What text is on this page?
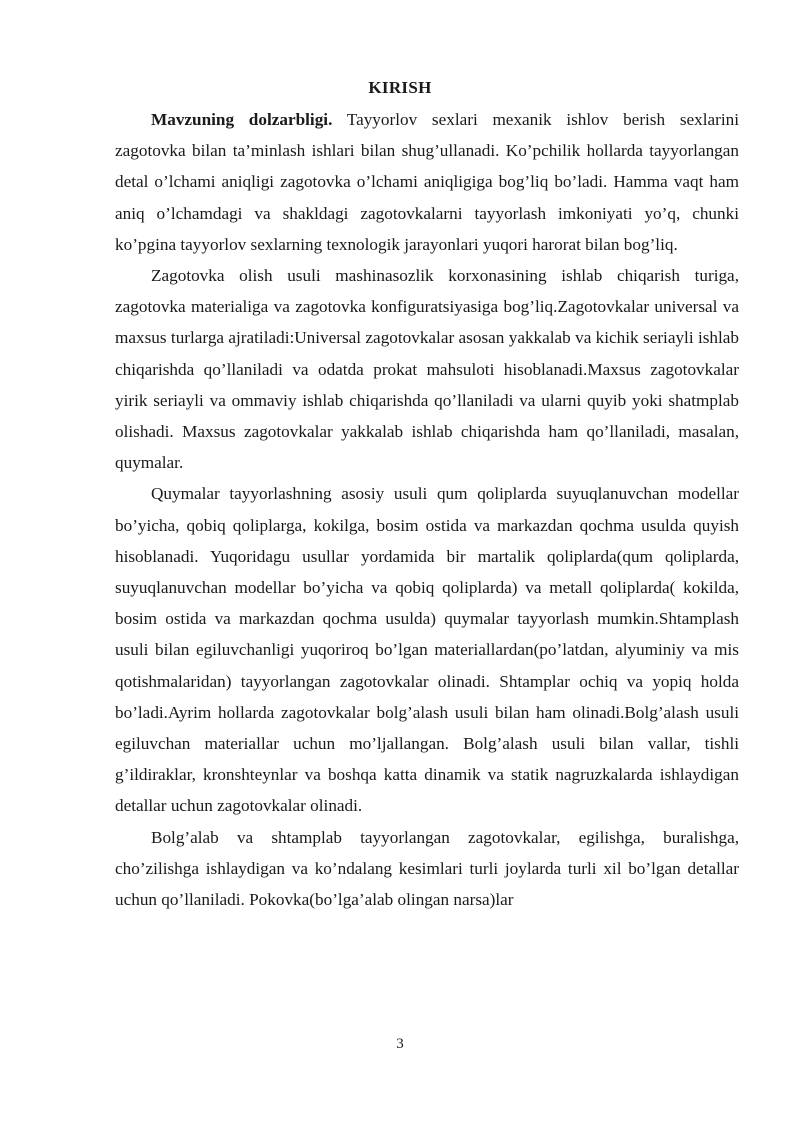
KIRISH

Mavzuning dolzarbligi. Tayyorlov sexlari mexanik ishlov berish sexlarini zagotovka bilan ta’minlash ishlari bilan shug’ullanadi. Ko’pchilik hollarda tayyorlangan detal o’lchami aniqligi zagotovka o’lchami aniqligiga bog’liq bo’ladi. Hamma vaqt ham aniq o’lchamdagi va shakldagi zagotovkalarni tayyorlash imkoniyati yo’q, chunki ko’pgina tayyorlov sexlarning texnologik jarayonlari yuqori harorat bilan bog’liq.

Zagotovka olish usuli mashinasozlik korxonasining ishlab chiqarish turiga, zagotovka materialiga va zagotovka konfiguratsiyasiga bog’liq.Zagotovkalar universal va maxsus turlarga ajratiladi:Universal zagotovkalar asosan yakkalab va kichik seriayli ishlab chiqarishda qo’llaniladi va odatda prokat mahsuloti hisoblanadi.Maxsus zagotovkalar yirik seriayli va ommaviy ishlab chiqarishda qo’llaniladi va ularni quyib yoki shatmplab olishadi. Maxsus zagotovkalar yakkalab ishlab chiqarishda ham qo’llaniladi, masalan, quymalar.

Quymalar tayyorlashning asosiy usuli qum qoliplarda suyuqlanuvchan modellar bo’yicha, qobiq qoliplarga, kokilga, bosim ostida va markazdan qochma usulda quyish hisoblanadi. Yuqoridagu usullar yordamida bir martalik qoliplarda(qum qoliplarda, suyuqlanuvchan modellar bo’yicha va qobiq qoliplarda) va metall qoliplarda( kokilda, bosim ostida va markazdan qochma usulda) quymalar tayyorlash mumkin.Shtamplash usuli bilan egiluvchanligi yuqoriroq bo’lgan materiallardan(po’latdan, alyuminiy va mis qotishmalaridan) tayyorlangan zagotovkalar olinadi. Shtamplar ochiq va yopiq holda bo’ladi.Ayrim hollarda zagotovkalar bolg’alash usuli bilan ham olinadi.Bolg’alash usuli egiluvchan materiallar uchun mo’ljallangan. Bolg’alash usuli bilan vallar, tishli g’ildiraklar, kronshteynlar va boshqa katta dinamik va statik nagruzkalarda ishlaydigan detallar uchun zagotovkalar olinadi.

Bolg’alab va shtamplab tayyorlangan zagotovkalar, egilishga, buralishga, cho’zilishga ishlaydigan va ko’ndalang kesimlari turli joylarda turli xil bo’lgan detallar uchun qo’llaniladi. Pokovka(bo’lga’alab olingan narsa)lar

3
